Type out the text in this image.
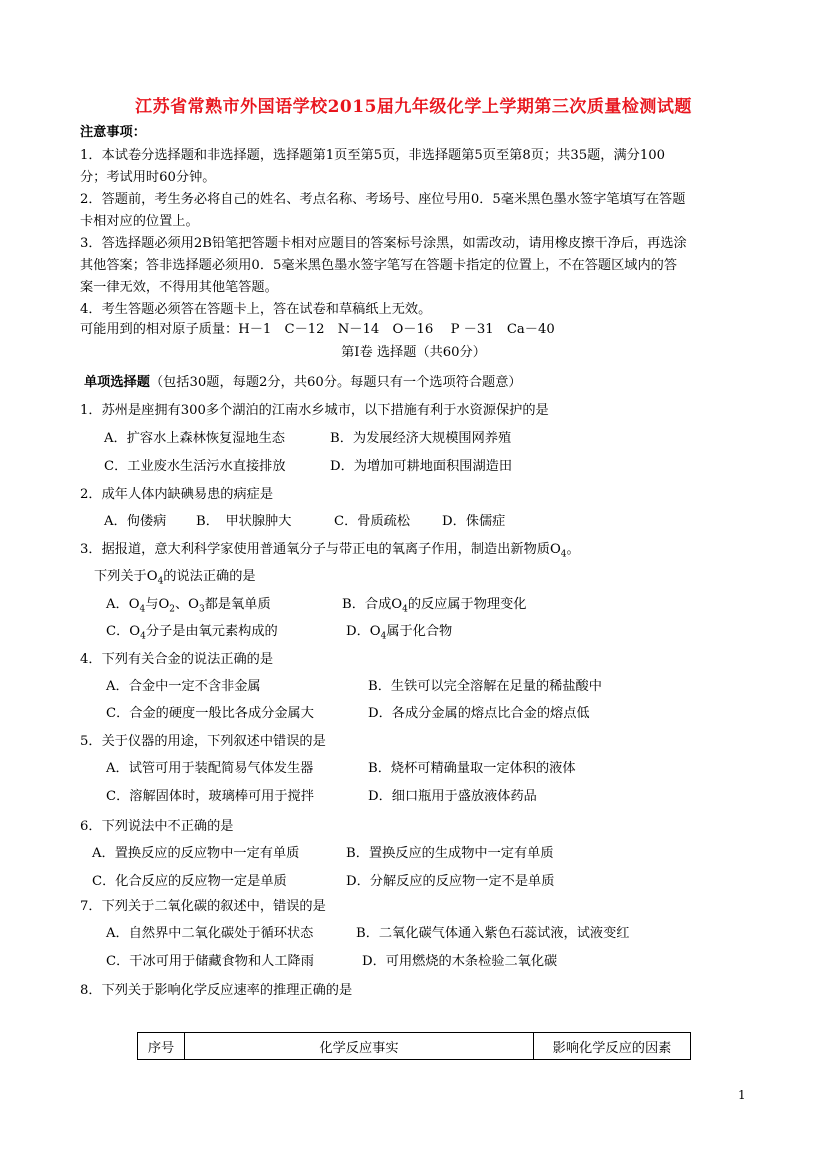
江苏省常熟市外国语学校2015届九年级化学上学期第三次质量检测试题
注意事项：
1．本试卷分选择题和非选择题，选择题第1页至第5页，非选择题第5页至第8页；共35题，满分100
分；考试用时60分钟。
2．答题前，考生务必将自己的姓名、考点名称、考场号、座位号用0．5毫米黑色墨水签字笔填写在答题
卡相对应的位置上。
3．答选择题必须用2B铅笔把答题卡相对应题目的答案标号涂黑，如需改动，请用橡皮擦干净后，再选涂
其他答案；答非选择题必须用0．5毫米黑色墨水签字笔写在答题卡指定的位置上，不在答题区域内的答
案一律无效，不得用其他笔答题。
4．考生答题必须答在答题卡上，答在试卷和草稿纸上无效。
可能用到的相对原子质量：H－1　C－12　N－14　O－16　 P －31　Ca－40
第Ⅰ卷 选择题（共60分）
单项选择题（包括30题，每题2分，共60分。每题只有一个选项符合题意）
1．苏州是座拥有300多个湖泊的江南水乡城市，以下措施有利于水资源保护的是
A．扩容水上森林恢复湿地生态	B．为发展经济大规模围网养殖
C．工业废水生活污水直接排放	D．为增加可耕地面积围湖造田
2．成年人体内缺碘易患的病症是
A．佝偻病 B．　甲状腺肿大	C．骨质疏松 D．侏儒症
3．据报道，意大利科学家使用普通氧分子与带正电的氧离子作用，制造出新物质$O_4$。
下列关于$O_4$的说法正确的是
A．$O_4$与$O_2$、$O_3$都是氧单质	B．合成$O_4$的反应属于物理变化
C．$O_4$分子是由氧元素构成的	D．$O_4$属于化合物
4．下列有关合金的说法正确的是
A．合金中一定不含非金属	B．生铁可以完全溶解在足量的稀盐酸中
C．合金的硬度一般比各成分金属大	D．各成分金属的熔点比合金的熔点低
5．关于仪器的用途，下列叙述中错误的是
A．试管可用于装配简易气体发生器	B．烧杯可精确量取一定体积的液体
C．溶解固体时，玻璃棒可用于搅拌	D．细口瓶用于盛放液体药品
6．下列说法中不正确的是
A．置换反应的反应物中一定有单质	B．置换反应的生成物中一定有单质
C．化合反应的反应物一定是单质	D．分解反应的反应物一定不是单质
7．下列关于二氧化碳的叙述中，错误的是
A．自然界中二氧化碳处于循环状态	B．二氧化碳气体通入紫色石蕊试液，试液变红
C．干冰可用于储藏食物和人工降雨	D．可用燃烧的木条检验二氧化碳
8．下列关于影响化学反应速率的推理正确的是
序号	化学反应事实	影响化学反应的因素
1
